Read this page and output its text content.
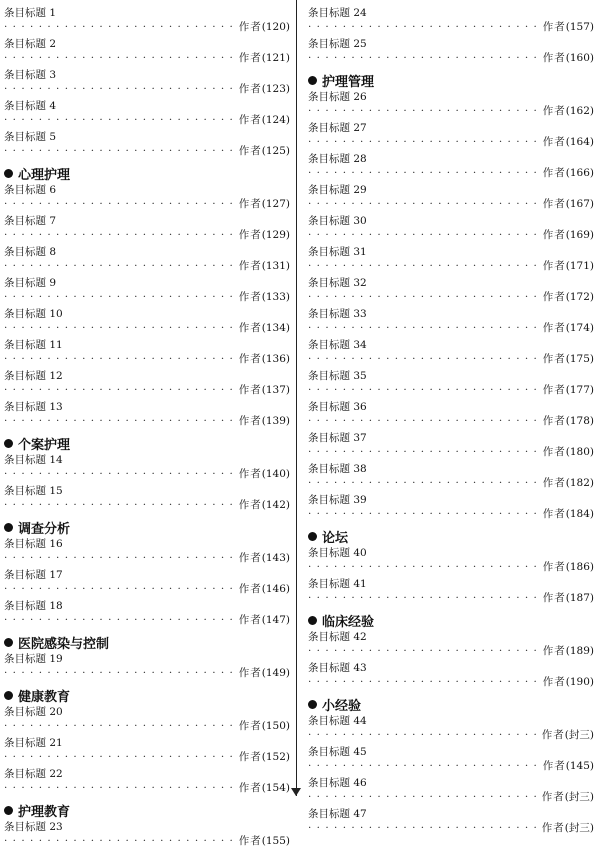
条目标题 1
· · ·
作者 (120)
条目标题 2
· · ·
作者 (121)
条目标题 3
· · ·
作者 (123)
条目标题 4
· · ·
作者 (124)
条目标题 5
· · ·
作者 (125)
心理护理
条目标题 6
· · ·
作者 (127)
条目标题 7
· · ·
作者 (129)
条目标题 8
· · ·
作者 (131)
条目标题 9
· · ·
作者 (133)
条目标题 10
· · ·
作者 (134)
条目标题 11
· · ·
作者 (136)
条目标题 12
· · ·
作者 (137)
条目标题 13
· · ·
作者 (139)
个案护理
条目标题 14
· · ·
作者 (140)
条目标题 15
· · ·
作者 (142)
调查分析
条目标题 16
· · ·
作者 (143)
条目标题 17
· · ·
作者 (146)
条目标题 18
· · ·
作者 (147)
医院感染与控制
条目标题 19
· · ·
作者 (149)
健康教育
条目标题 20
· · ·
作者 (150)
条目标题 21
· · ·
作者 (152)
条目标题 22
· · ·
作者 (154)
护理教育
条目标题 23
· · ·
作者 (155)
条目标题 24
· · ·
作者 (157)
条目标题 25
· · ·
作者 (160)
护理管理
条目标题 26
· · ·
作者 (162)
条目标题 27
· · ·
作者 (164)
条目标题 28
· · ·
作者 (166)
条目标题 29
· · ·
作者 (167)
条目标题 30
· · ·
作者 (169)
条目标题 31
· · ·
作者 (171)
条目标题 32
· · ·
作者 (172)
条目标题 33
· · ·
作者 (174)
条目标题 34
· · ·
作者 (175)
条目标题 35
· · ·
作者 (177)
条目标题 36
· · ·
作者 (178)
条目标题 37
· · ·
作者 (180)
条目标题 38
· · ·
作者 (182)
条目标题 39
· · ·
作者 (184)
论坛
条目标题 40
· · ·
作者 (186)
条目标题 41
· · ·
作者 (187)
临床经验
条目标题 42
· · ·
作者 (189)
条目标题 43
· · ·
作者 (190)
小经验
条目标题 44
· · ·
作者 (封三)
条目标题 45
· · ·
作者 (145)
条目标题 46
· · ·
作者 (封三)
条目标题 47
· · ·
作者 (封三)
